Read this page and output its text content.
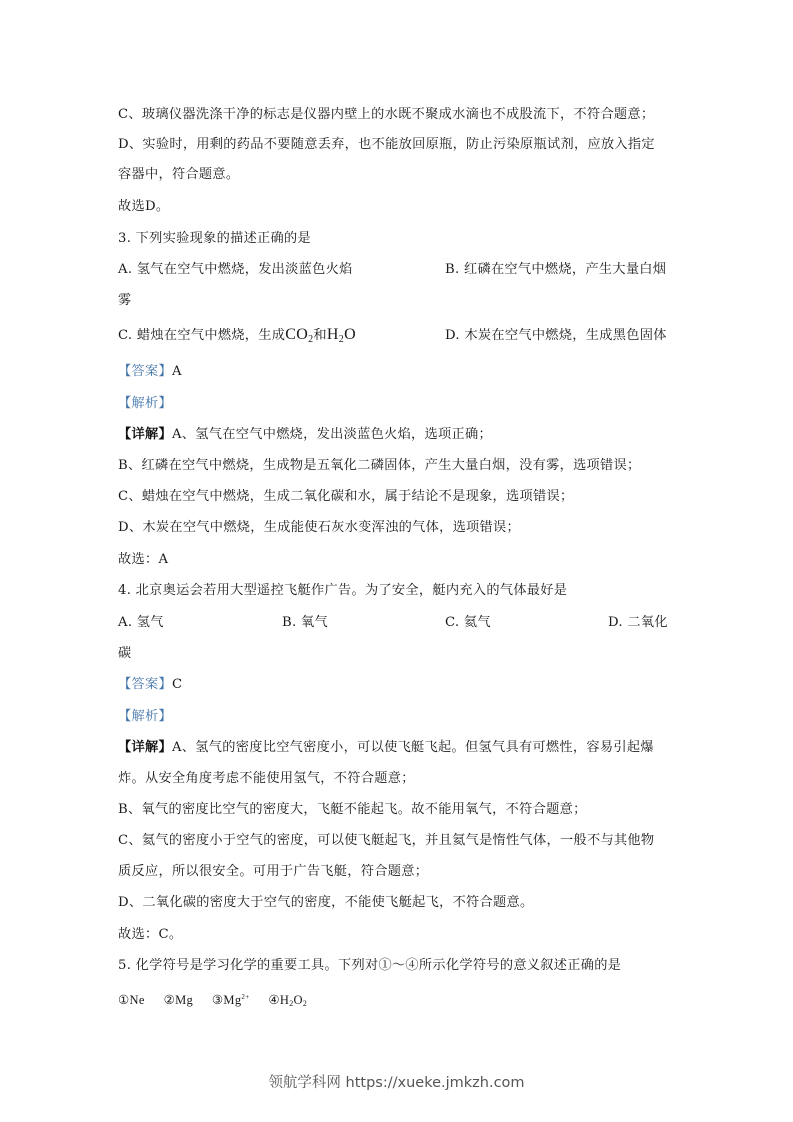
C、玻璃仪器洗涤干净的标志是仪器内壁上的水既不聚成水滴也不成股流下，不符合题意；
D、实验时，用剩的药品不要随意丢弃，也不能放回原瓶，防止污染原瓶试剂，应放入指定
容器中，符合题意。
故选D。
3. 下列实验现象的描述正确的是
A. 氢气在空气中燃烧，发出淡蓝色火焰	B. 红磷在空气中燃烧，产生大量白烟
雾
C. 蜡烛在空气中燃烧，生成$CO_2$和$H_2O$	D. 木炭在空气中燃烧，生成黑色固体
【答案】A
【解析】
【详解】A、氢气在空气中燃烧，发出淡蓝色火焰，选项正确；
B、红磷在空气中燃烧，生成物是五氧化二磷固体，产生大量白烟，没有雾，选项错误；
C、蜡烛在空气中燃烧，生成二氧化碳和水，属于结论不是现象，选项错误；
D、木炭在空气中燃烧，生成能使石灰水变浑浊的气体，选项错误；
故选：A
4. 北京奥运会若用大型遥控飞艇作广告。为了安全，艇内充入的气体最好是
A. 氢气	B. 氧气	C. 氦气	D. 二氧化
碳
【答案】C
【解析】
【详解】A、氢气的密度比空气密度小，可以使飞艇飞起。但氢气具有可燃性，容易引起爆
炸。从安全角度考虑不能使用氢气，不符合题意；
B、氧气的密度比空气的密度大，飞艇不能起飞。故不能用氧气，不符合题意；
C、氦气的密度小于空气的密度，可以使飞艇起飞，并且氦气是惰性气体，一般不与其他物
质反应，所以很安全。可用于广告飞艇，符合题意；
D、二氧化碳的密度大于空气的密度，不能使飞艇起飞，不符合题意。
故选：C。
5. 化学符号是学习化学的重要工具。下列对①～④所示化学符号的意义叙述正确的是
①Ne ②Mg $③Mg^{2+}$ $④H_2O_2$
领航学科网 https://xueke.jmkzh.com
